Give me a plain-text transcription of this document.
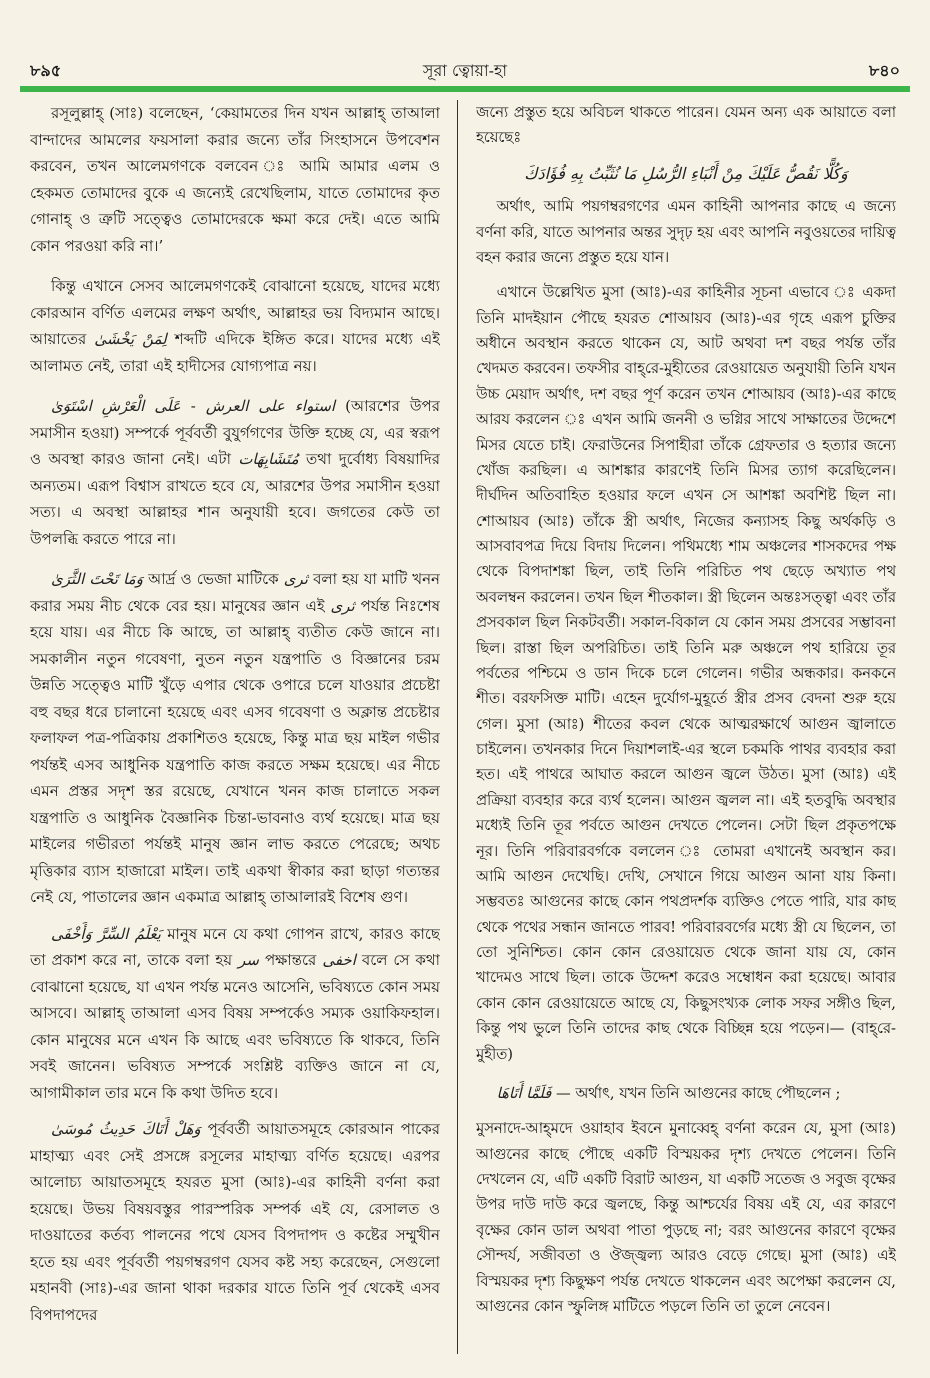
৮৯৫	সূরা ত্বোয়া-হা	৮৪০

রসূলুল্লাহ্ (সাঃ) বলেছেন, ‘কেয়ামতের দিন যখন আল্লাহ্ তাআলা বান্দাদের আমলের ফয়সালা করার জন্যে তাঁর সিংহাসনে উপবেশন করবেন, তখন আলেমগণকে বলবেন ঃ আমি আমার এলম ও হেকমত তোমাদের বুকে এ জন্যেই রেখেছিলাম, যাতে তোমাদের কৃত গোনাহ্ ও ত্রুটি সত্ত্বেও তোমাদেরকে ক্ষমা করে দেই। এতে আমি কোন পরওয়া করি না।’

কিন্তু এখানে সেসব আলেমগণকেই বোঝানো হয়েছে, যাদের মধ্যে কোরআন বর্ণিত এলমের লক্ষণ অর্থাৎ, আল্লাহর ভয় বিদ্যমান আছে। আয়াতের لِمَنْ يَخْشَىٰ শব্দটি এদিকে ইঙ্গিত করে। যাদের মধ্যে এই আলামত নেই, তারা এই হাদীসের যোগ্যপাত্র নয়।

عَلَى الْعَرْشِ اسْتَوَىٰ - استواء على العرش (আরশের উপর সমাসীন হওয়া) সম্পর্কে পূর্ববর্তী বুযুর্গগণের উক্তি হচ্ছে যে, এর স্বরূপ ও অবস্থা কারও জানা নেই। এটা مُتَشَابِهَات তথা দুর্বোধ্য বিষয়াদির অন্যতম। এরূপ বিশ্বাস রাখতে হবে যে, আরশের উপর সমাসীন হওয়া সত্য। এ অবস্থা আল্লাহর শান অনুযায়ী হবে। জগতের কেউ তা উপলব্ধি করতে পারে না।

وَمَا تَحْتَ الثَّرَىٰ আর্দ্র ও ভেজা মাটিকে ثرى বলা হয় যা মাটি খনন করার সময় নীচ থেকে বের হয়। মানুষের জ্ঞান এই ثرى পর্যন্ত নিঃশেষ হয়ে যায়। এর নীচে কি আছে, তা আল্লাহ্ ব্যতীত কেউ জানে না। সমকালীন নতুন গবেষণা, নুতন নতুন যন্ত্রপাতি ও বিজ্ঞানের চরম উন্নতি সত্ত্বেও মাটি খুঁড়ে এপার থেকে ওপারে চলে যাওয়ার প্রচেষ্টা বহু বছর ধরে চালানো হয়েছে এবং এসব গবেষণা ও অক্লান্ত প্রচেষ্টার ফলাফল পত্র-পত্রিকায় প্রকাশিতও হয়েছে, কিন্তু মাত্র ছয় মাইল গভীর পর্যন্তই এসব আধুনিক যন্ত্রপাতি কাজ করতে সক্ষম হয়েছে। এর নীচে এমন প্রস্তর সদৃশ স্তর রয়েছে, যেখানে খনন কাজ চালাতে সকল যন্ত্রপাতি ও আধুনিক বৈজ্ঞানিক চিন্তা-ভাবনাও ব্যর্থ হয়েছে। মাত্র ছয় মাইলের গভীরতা পর্যন্তই মানুষ জ্ঞান লাভ করতে পেরেছে; অথচ মৃত্তিকার ব্যাস হাজারো মাইল। তাই একথা স্বীকার করা ছাড়া গত্যন্তর নেই যে, পাতালের জ্ঞান একমাত্র আল্লাহ্ তাআলারই বিশেষ গুণ।

يَعْلَمُ السِّرَّ وَأَخْفَى মানুষ মনে যে কথা গোপন রাখে, কারও কাছে তা প্রকাশ করে না, তাকে বলা হয় سر পক্ষান্তরে اخفى বলে সে কথা বোঝানো হয়েছে, যা এখন পর্যন্ত মনেও আসেনি, ভবিষ্যতে কোন সময় আসবে। আল্লাহ্ তাআলা এসব বিষয় সম্পর্কেও সম্যক ওয়াকিফহাল। কোন মানুষের মনে এখন কি আছে এবং ভবিষ্যতে কি থাকবে, তিনি সবই জানেন। ভবিষ্যত সম্পর্কে সংশ্লিষ্ট ব্যক্তিও জানে না যে, আগামীকাল তার মনে কি কথা উদিত হবে।

وَهَلْ أَتَاكَ حَدِيثُ مُوسَىٰ পূর্ববর্তী আয়াতসমূহে কোরআন পাকের মাহাত্ম্য এবং সেই প্রসঙ্গে রসূলের মাহাত্ম্য বর্ণিত হয়েছে। এরপর আলোচ্য আয়াতসমূহে হযরত মুসা (আঃ)-এর কাহিনী বর্ণনা করা হয়েছে। উভয় বিষয়বস্তুর পারস্পরিক সম্পর্ক এই যে, রেসালত ও দাওয়াতের কর্তব্য পালনের পথে যেসব বিপদাপদ ও কষ্টের সম্মুখীন হতে হয় এবং পূর্ববর্তী পয়গম্বরগণ যেসব কষ্ট সহ্য করেছেন, সেগুলো মহানবী (সাঃ)-এর জানা থাকা দরকার যাতে তিনি পূর্ব থেকেই এসব বিপদাপদের

জন্যে প্রস্তুত হয়ে অবিচল থাকতে পারেন। যেমন অন্য এক আয়াতে বলা হয়েছেঃ

وَكُلًّا نَقُصُّ عَلَيْكَ مِنْ أَنْبَاءِ الرُّسُلِ مَا نُثَبِّتُ بِهِ فُؤَادَكَ

অর্থাৎ, আমি পয়গম্বরগণের এমন কাহিনী আপনার কাছে এ জন্যে বর্ণনা করি, যাতে আপনার অন্তর সুদৃঢ় হয় এবং আপনি নবুওয়তের দায়িত্ব বহন করার জন্যে প্রস্তুত হয়ে যান।

এখানে উল্লেখিত মুসা (আঃ)-এর কাহিনীর সূচনা এভাবে ঃ একদা তিনি মাদইয়ান পৌছে হযরত শোআয়ব (আঃ)-এর গৃহে এরূপ চুক্তির অধীনে অবস্থান করতে থাকেন যে, আট অথবা দশ বছর পর্যন্ত তাঁর খেদমত করবেন। তফসীর বাহ্‌রে-মুহীতের রেওয়ায়েত অনুযায়ী তিনি যখন উচ্চ মেয়াদ অর্থাৎ, দশ বছর পূর্ণ করেন তখন শোআয়ব (আঃ)-এর কাছে আরয করলেন ঃ এখন আমি জননী ও ভগ্নির সাথে সাক্ষাতের উদ্দেশে মিসর যেতে চাই। ফেরাউনের সিপাহীরা তাঁকে গ্রেফতার ও হত্যার জন্যে খোঁজ করছিল। এ আশঙ্কার কারণেই তিনি মিসর ত্যাগ করেছিলেন। দীর্ঘদিন অতিবাহিত হওয়ার ফলে এখন সে আশঙ্কা অবশিষ্ট ছিল না। শোআয়ব (আঃ) তাঁকে স্ত্রী অর্থাৎ, নিজের কন্যাসহ কিছু অর্থকড়ি ও আসবাবপত্র দিয়ে বিদায় দিলেন। পথিমধ্যে শাম অঞ্চলের শাসকদের পক্ষ থেকে বিপদাশঙ্কা ছিল, তাই তিনি পরিচিত পথ ছেড়ে অখ্যাত পথ অবলম্বন করলেন। তখন ছিল শীতকাল। স্ত্রী ছিলেন অন্তঃসত্ত্বা এবং তাঁর প্রসবকাল ছিল নিকটবর্তী। সকাল-বিকাল যে কোন সময় প্রসবের সম্ভাবনা ছিল। রাস্তা ছিল অপরিচিত। তাই তিনি মরু অঞ্চলে পথ হারিয়ে তূর পর্বতের পশ্চিমে ও ডান দিকে চলে গেলেন। গভীর অন্ধকার। কনকনে শীত। বরফসিক্ত মাটি। এহেন দুর্যোগ-মুহূর্তে স্ত্রীর প্রসব বেদনা শুরু হয়ে গেল। মুসা (আঃ) শীতের কবল থেকে আত্মরক্ষার্থে আগুন জ্বালাতে চাইলেন। তখনকার দিনে দিয়াশলাই-এর স্থলে চকমকি পাথর ব্যবহার করা হত। এই পাথরে আঘাত করলে আগুন জ্বলে উঠত। মুসা (আঃ) এই প্রক্রিয়া ব্যবহার করে ব্যর্থ হলেন। আগুন জ্বলল না। এই হতবুদ্ধি অবস্থার মধ্যেই তিনি তূর পর্বতে আগুন দেখতে পেলেন। সেটা ছিল প্রকৃতপক্ষে নূর। তিনি পরিবারবর্গকে বললেন ঃ তোমরা এখানেই অবস্থান কর। আমি আগুন দেখেছি। দেখি, সেখানে গিয়ে আগুন আনা যায় কিনা। সম্ভবতঃ আগুনের কাছে কোন পথপ্রদর্শক ব্যক্তিও পেতে পারি, যার কাছ থেকে পথের সন্ধান জানতে পারব! পরিবারবর্গের মধ্যে স্ত্রী যে ছিলেন, তা তো সুনিশ্চিত। কোন কোন রেওয়ায়েত থেকে জানা যায় যে, কোন খাদেমও সাথে ছিল। তাকে উদ্দেশ করেও সম্বোধন করা হয়েছে। আবার কোন কোন রেওয়ায়েতে আছে যে, কিছুসংখ্যক লোক সফর সঙ্গীও ছিল, কিন্তু পথ ভুলে তিনি তাদের কাছ থেকে বিচ্ছিন্ন হয়ে পড়েন।— (বাহ্‌রে-মুহীত)

فَلَمَّا أَتَاهَا — অর্থাৎ, যখন তিনি আগুনের কাছে পৌছলেন ;

মুসনাদে-আহ্‌মদে ওয়াহাব ইবনে মুনাব্বেহ্ বর্ণনা করেন যে, মুসা (আঃ) আগুনের কাছে পৌছে একটি বিস্ময়কর দৃশ্য দেখতে পেলেন। তিনি দেখলেন যে, এটি একটি বিরাট আগুন, যা একটি সতেজ ও সবুজ বৃক্ষের উপর দাউ দাউ করে জ্বলছে, কিন্তু আশ্চর্যের বিষয় এই যে, এর কারণে বৃক্ষের কোন ডাল অথবা পাতা পুড়ছে না; বরং আগুনের কারণে বৃক্ষের সৌন্দর্য, সজীবতা ও ঔজ্জ্বল্য আরও বেড়ে গেছে। মুসা (আঃ) এই বিস্ময়কর দৃশ্য কিছুক্ষণ পর্যন্ত দেখতে থাকলেন এবং অপেক্ষা করলেন যে, আগুনের কোন স্ফুলিঙ্গ মাটিতে পড়লে তিনি তা তুলে নেবেন।
